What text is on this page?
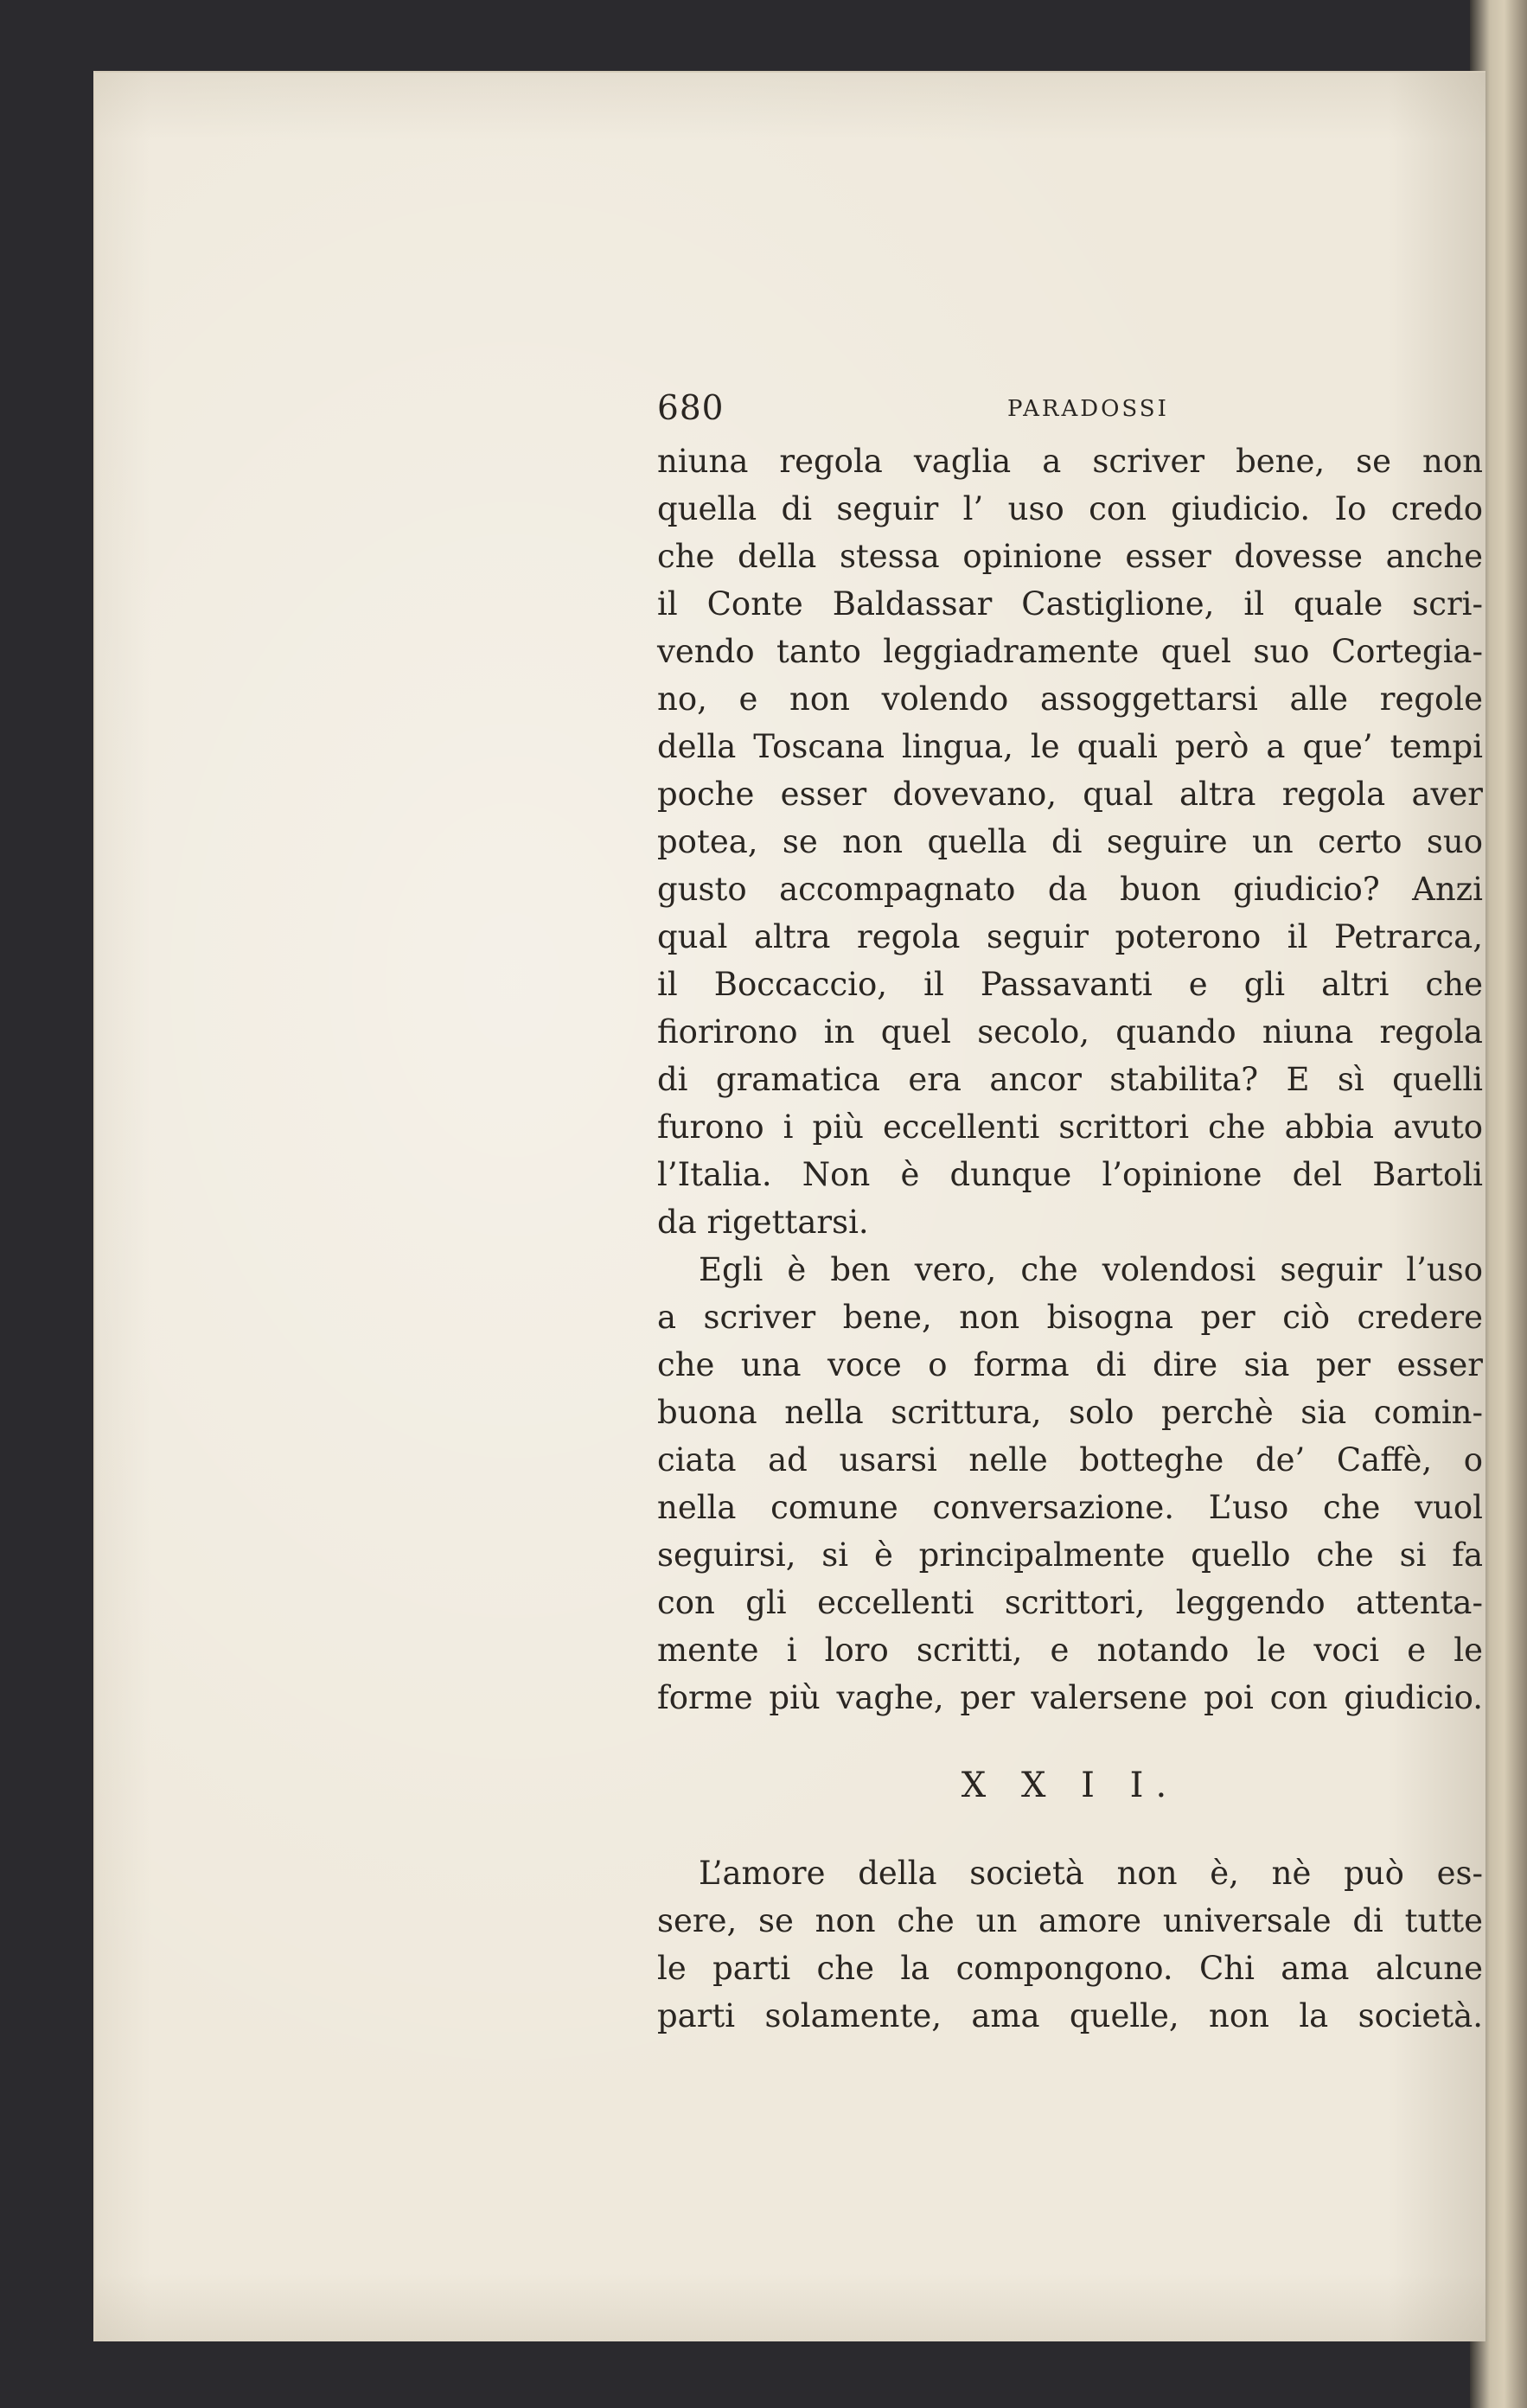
680	PARADOSSI
niuna regola vaglia a scriver bene, se non
quella di seguir l’ uso con giudicio. Io credo
che della stessa opinione esser dovesse anche
il Conte Baldassar Castiglione, il quale scri-
vendo tanto leggiadramente quel suo Cortegia-
no, e non volendo assoggettarsi alle regole
della Toscana lingua, le quali però a que’ tempi
poche esser dovevano, qual altra regola aver
potea, se non quella di seguire un certo suo
gusto accompagnato da buon giudicio? Anzi
qual altra regola seguir poterono il Petrarca,
il Boccaccio, il Passavanti e gli altri che
fiorirono in quel secolo, quando niuna regola
di gramatica era ancor stabilita? E sì quelli
furono i più eccellenti scrittori che abbia avuto
l’Italia. Non è dunque l’opinione del Bartoli
da rigettarsi.
Egli è ben vero, che volendosi seguir l’uso
a scriver bene, non bisogna per ciò credere
che una voce o forma di dire sia per esser
buona nella scrittura, solo perchè sia comin-
ciata ad usarsi nelle botteghe de’ Caffè, o
nella comune conversazione. L’uso che vuol
seguirsi, si è principalmente quello che si fa
con gli eccellenti scrittori, leggendo attenta-
mente i loro scritti, e notando le voci e le
forme più vaghe, per valersene poi con giudicio.
X X I I.
L’amore della società non è, nè può es-
sere, se non che un amore universale di tutte
le parti che la compongono. Chi ama alcune
parti solamente, ama quelle, non la società.
